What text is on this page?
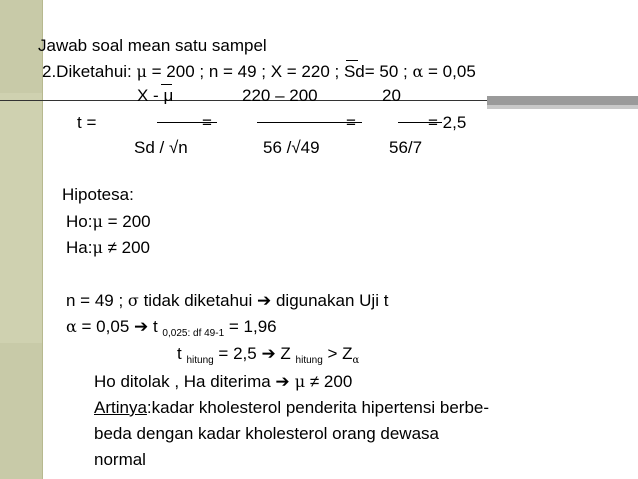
Jawab soal mean satu sampel
2.Diketahui: μ = 200 ; n = 49 ; X = 220 ; Sd= 50 ; α = 0,05
X - μ	220 – 200	20
t =	=	=	= 2,5
Sd / √n	56 /√49	56/7
Hipotesa:
Ho:μ = 200
Ha:μ ≠ 200
n = 49 ; σ tidak diketahui ➔ digunakan Uji t
α = 0,05 ➔ t $_{0,025: df 49-1}$ = 1,96
t $_{hitung}$ = 2,5 ➔ Z $_{hitung} > Z_\alpha$
Ho ditolak , Ha diterima ➔ μ ≠ 200
Artinya:kadar kholesterol penderita hipertensi berbe-
beda dengan kadar kholesterol orang dewasa
normal
